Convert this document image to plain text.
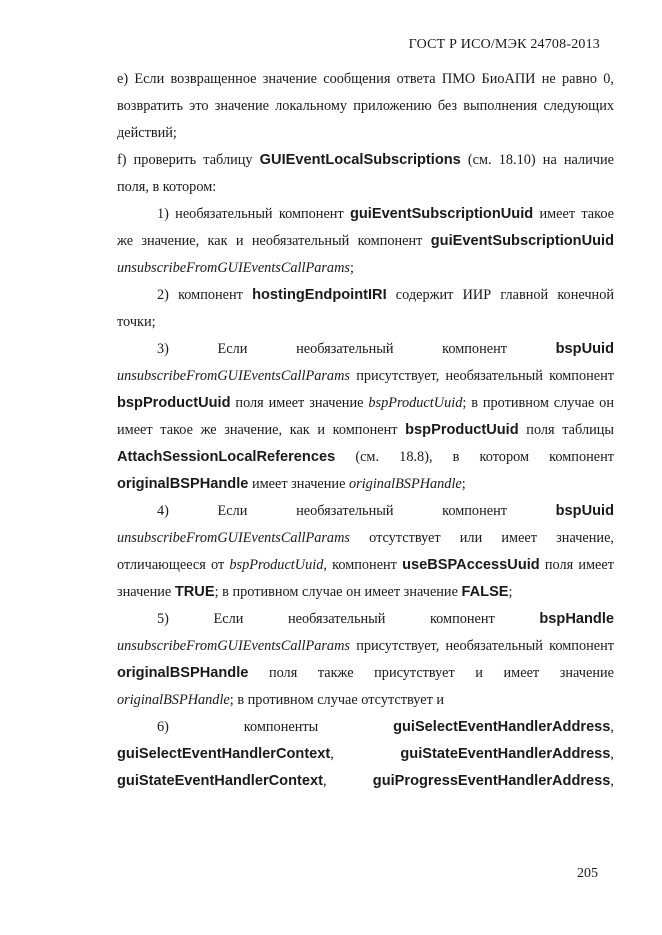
ГОСТ Р ИСО/МЭК 24708-2013

е) Если возвращенное значение сообщения ответа ПМО БиоАПИ не равно 0, возвратить это значение локальному приложению без выполнения следующих действий;

f) проверить таблицу GUIEventLocalSubscriptions (см. 18.10) на наличие поля, в котором:

1) необязательный компонент guiEventSubscriptionUuid имеет такое же значение, как и необязательный компонент guiEventSubscriptionUuid unsubscribeFromGUIEventsCallParams;

2) компонент hostingEndpointIRI содержит ИИР главной конечной точки;

3) Если необязательный компонент bspUuid unsubscribeFromGUIEventsCallParams присутствует, необязательный компонент bspProductUuid поля имеет значение bspProductUuid; в противном случае он имеет такое же значение, как и компонент bspProductUuid поля таблицы AttachSessionLocalReferences (см. 18.8), в котором компонент originalBSPHandle имеет значение originalBSPHandle;

4) Если необязательный компонент bspUuid unsubscribeFromGUIEventsCallParams отсутствует или имеет значение, отличающееся от bspProductUuid, компонент useBSPAccessUuid поля имеет значение TRUE; в противном случае он имеет значение FALSE;

5) Если необязательный компонент bspHandle unsubscribeFromGUIEventsCallParams присутствует, необязательный компонент originalBSPHandle поля также присутствует и имеет значение originalBSPHandle; в противном случае отсутствует и

6) компоненты guiSelectEventHandlerAddress, guiSelectEventHandlerContext, guiStateEventHandlerAddress, guiStateEventHandlerContext, guiProgressEventHandlerAddress,

205
